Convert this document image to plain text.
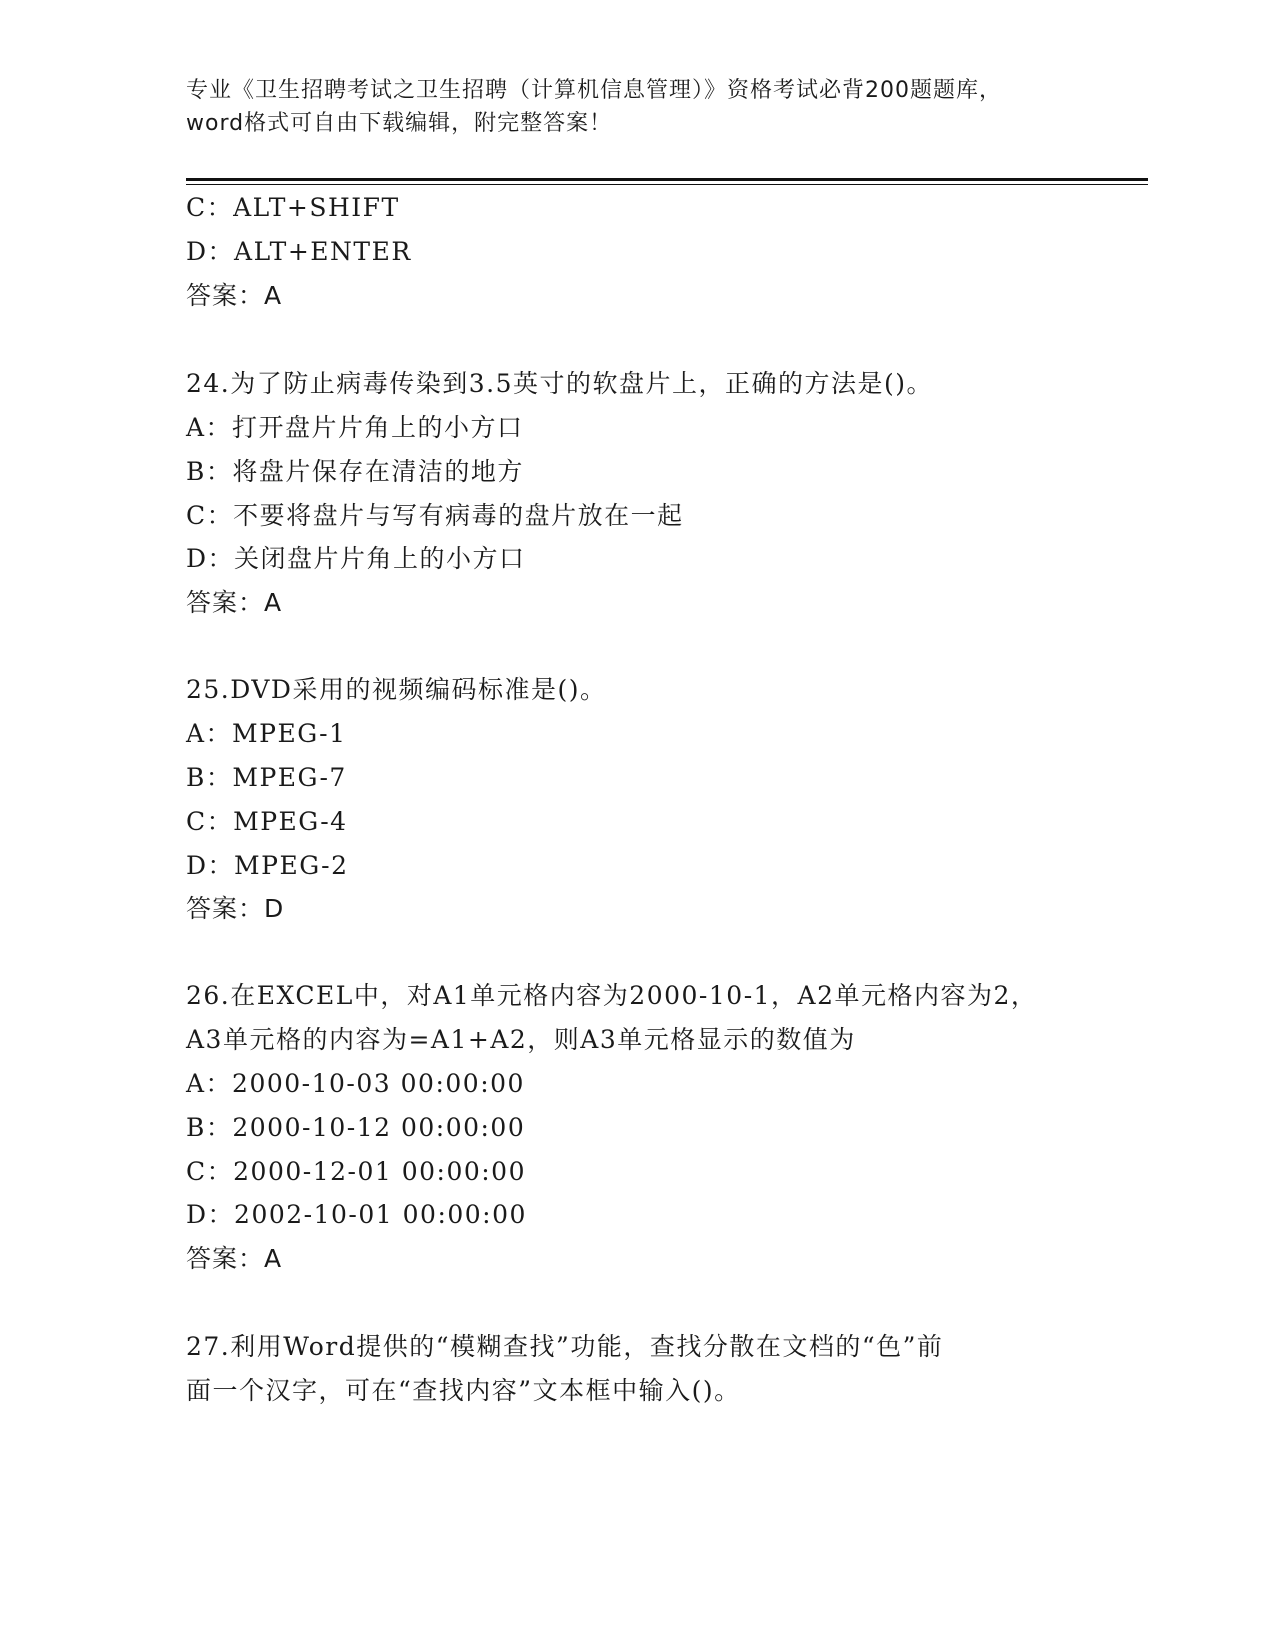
专业《卫生招聘考试之卫生招聘（计算机信息管理）》资格考试必背200题题库，
word格式可自由下载编辑，附完整答案！
C：ALT+SHIFT
D：ALT+ENTER
答案：A
24.为了防止病毒传染到3.5英寸的软盘片上，正确的方法是()。
A：打开盘片片角上的小方口
B：将盘片保存在清洁的地方
C：不要将盘片与写有病毒的盘片放在一起
D：关闭盘片片角上的小方口
答案：A
25.DVD采用的视频编码标准是()。
A：MPEG-1
B：MPEG-7
C：MPEG-4
D：MPEG-2
答案：D
26.在EXCEL中，对A1单元格内容为2000-10-1，A2单元格内容为2，
A3单元格的内容为=A1+A2，则A3单元格显示的数值为
A：2000-10-03 00:00:00
B：2000-10-12 00:00:00
C：2000-12-01 00:00:00
D：2002-10-01 00:00:00
答案：A
27.利用Word提供的“模糊查找”功能，查找分散在文档的“色”前
面一个汉字，可在“查找内容”文本框中输入()。
